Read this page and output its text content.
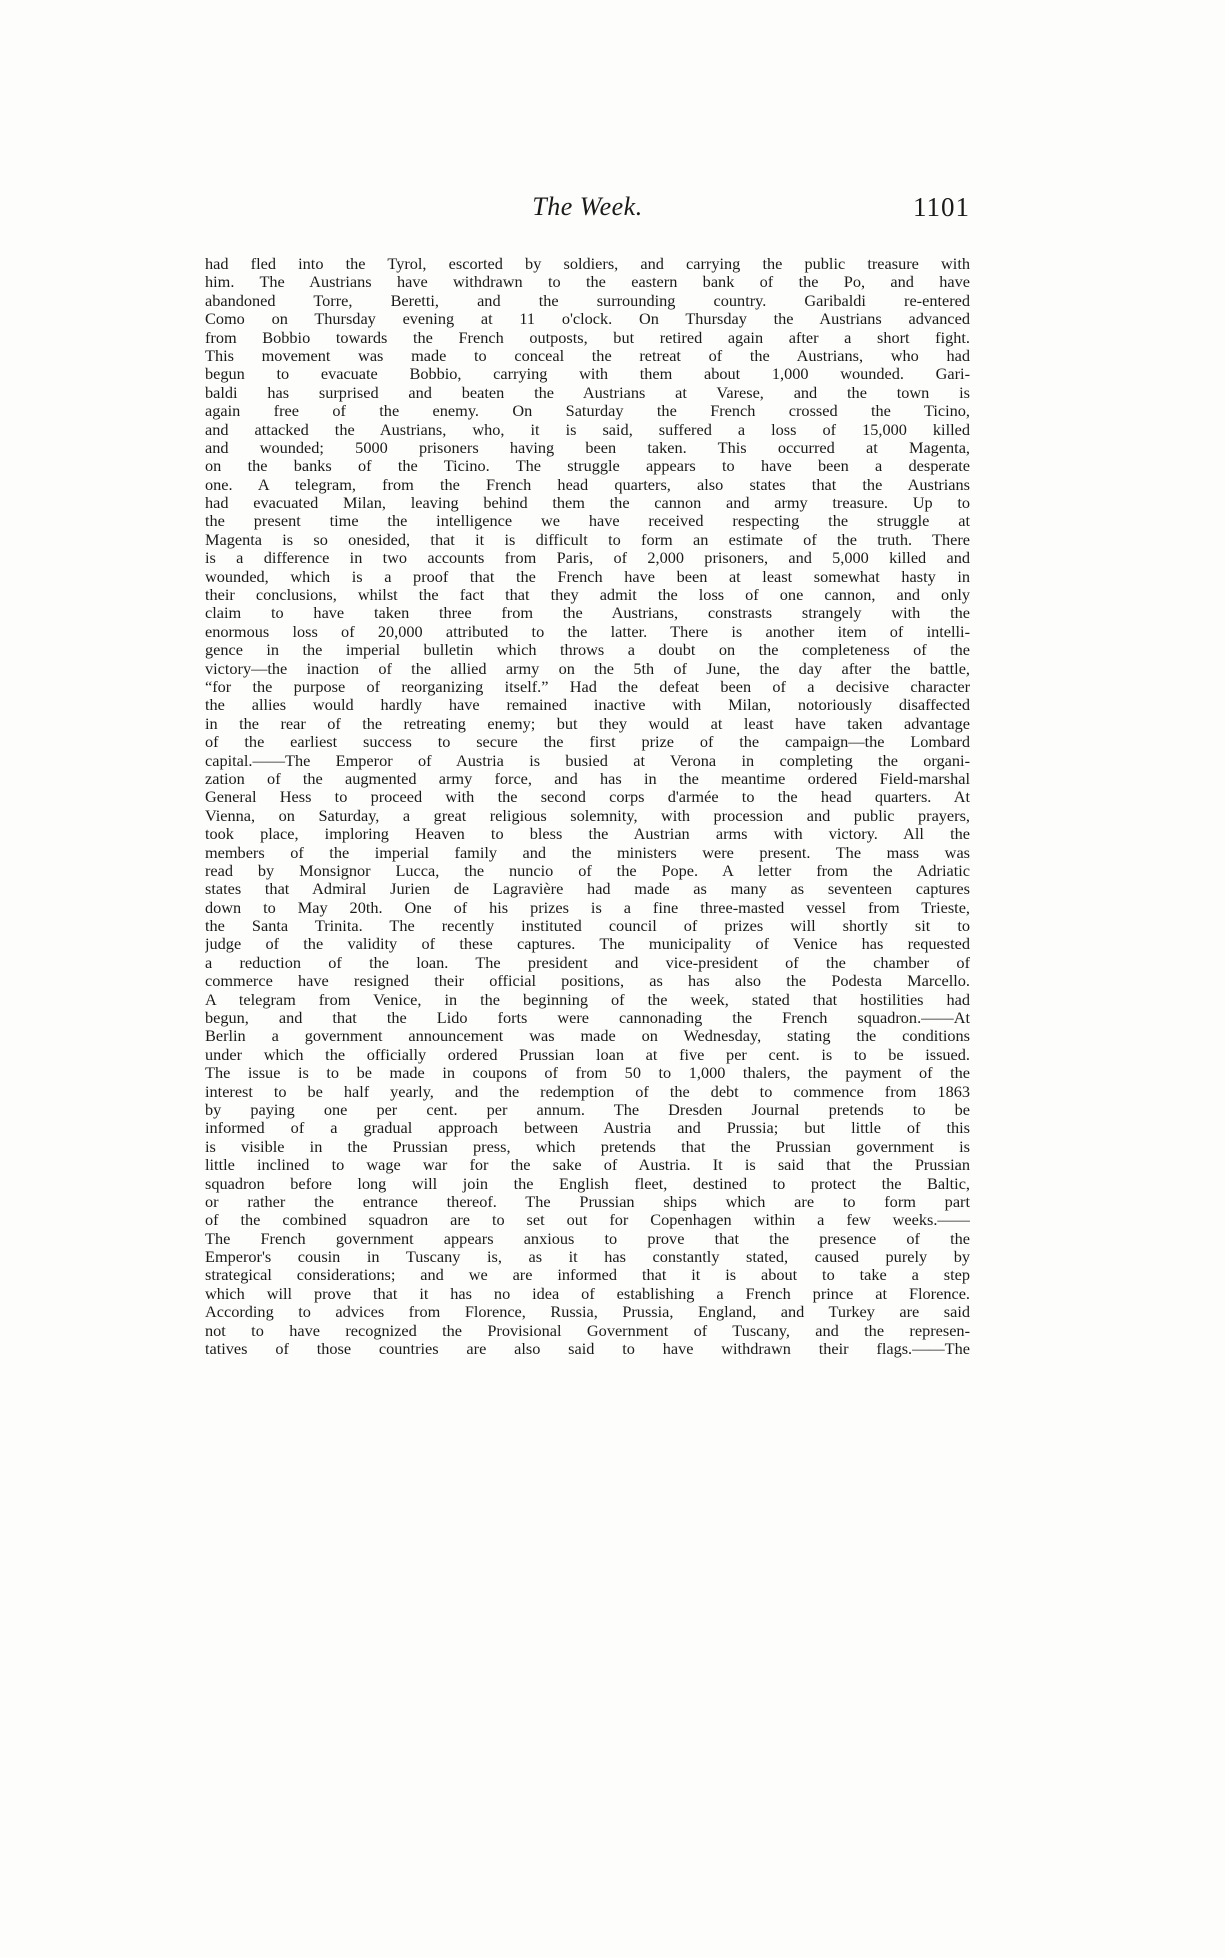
The Week.	1101
had fled into the Tyrol, escorted by soldiers, and carrying the public treasure with
him. The Austrians have withdrawn to the eastern bank of the Po, and have
abandoned Torre, Beretti, and the surrounding country. Garibaldi re-entered
Como on Thursday evening at 11 o'clock. On Thursday the Austrians advanced
from Bobbio towards the French outposts, but retired again after a short fight.
This movement was made to conceal the retreat of the Austrians, who had
begun to evacuate Bobbio, carrying with them about 1,000 wounded. Gari-
baldi has surprised and beaten the Austrians at Varese, and the town is
again free of the enemy. On Saturday the French crossed the Ticino,
and attacked the Austrians, who, it is said, suffered a loss of 15,000 killed
and wounded; 5000 prisoners having been taken. This occurred at Magenta,
on the banks of the Ticino. The struggle appears to have been a desperate
one. A telegram, from the French head quarters, also states that the Austrians
had evacuated Milan, leaving behind them the cannon and army treasure. Up to
the present time the intelligence we have received respecting the struggle at
Magenta is so onesided, that it is difficult to form an estimate of the truth. There
is a difference in two accounts from Paris, of 2,000 prisoners, and 5,000 killed and
wounded, which is a proof that the French have been at least somewhat hasty in
their conclusions, whilst the fact that they admit the loss of one cannon, and only
claim to have taken three from the Austrians, constrasts strangely with the
enormous loss of 20,000 attributed to the latter. There is another item of intelli-
gence in the imperial bulletin which throws a doubt on the completeness of the
victory—the inaction of the allied army on the 5th of June, the day after the battle,
“for the purpose of reorganizing itself.” Had the defeat been of a decisive character
the allies would hardly have remained inactive with Milan, notoriously disaffected
in the rear of the retreating enemy; but they would at least have taken advantage
of the earliest success to secure the first prize of the campaign—the Lombard
capital.——The Emperor of Austria is busied at Verona in completing the organi-
zation of the augmented army force, and has in the meantime ordered Field-marshal
General Hess to proceed with the second corps d'armée to the head quarters. At
Vienna, on Saturday, a great religious solemnity, with procession and public prayers,
took place, imploring Heaven to bless the Austrian arms with victory. All the
members of the imperial family and the ministers were present. The mass was
read by Monsignor Lucca, the nuncio of the Pope. A letter from the Adriatic
states that Admiral Jurien de Lagravière had made as many as seventeen captures
down to May 20th. One of his prizes is a fine three-masted vessel from Trieste,
the Santa Trinita. The recently instituted council of prizes will shortly sit to
judge of the validity of these captures. The municipality of Venice has requested
a reduction of the loan. The president and vice-president of the chamber of
commerce have resigned their official positions, as has also the Podesta Marcello.
A telegram from Venice, in the beginning of the week, stated that hostilities had
begun, and that the Lido forts were cannonading the French squadron.——At
Berlin a government announcement was made on Wednesday, stating the conditions
under which the officially ordered Prussian loan at five per cent. is to be issued.
The issue is to be made in coupons of from 50 to 1,000 thalers, the payment of the
interest to be half yearly, and the redemption of the debt to commence from 1863
by paying one per cent. per annum. The Dresden Journal pretends to be
informed of a gradual approach between Austria and Prussia; but little of this
is visible in the Prussian press, which pretends that the Prussian government is
little inclined to wage war for the sake of Austria. It is said that the Prussian
squadron before long will join the English fleet, destined to protect the Baltic,
or rather the entrance thereof. The Prussian ships which are to form part
of the combined squadron are to set out for Copenhagen within a few weeks.——
The French government appears anxious to prove that the presence of the
Emperor's cousin in Tuscany is, as it has constantly stated, caused purely by
strategical considerations; and we are informed that it is about to take a step
which will prove that it has no idea of establishing a French prince at Florence.
According to advices from Florence, Russia, Prussia, England, and Turkey are said
not to have recognized the Provisional Government of Tuscany, and the represen-
tatives of those countries are also said to have withdrawn their flags.——The
